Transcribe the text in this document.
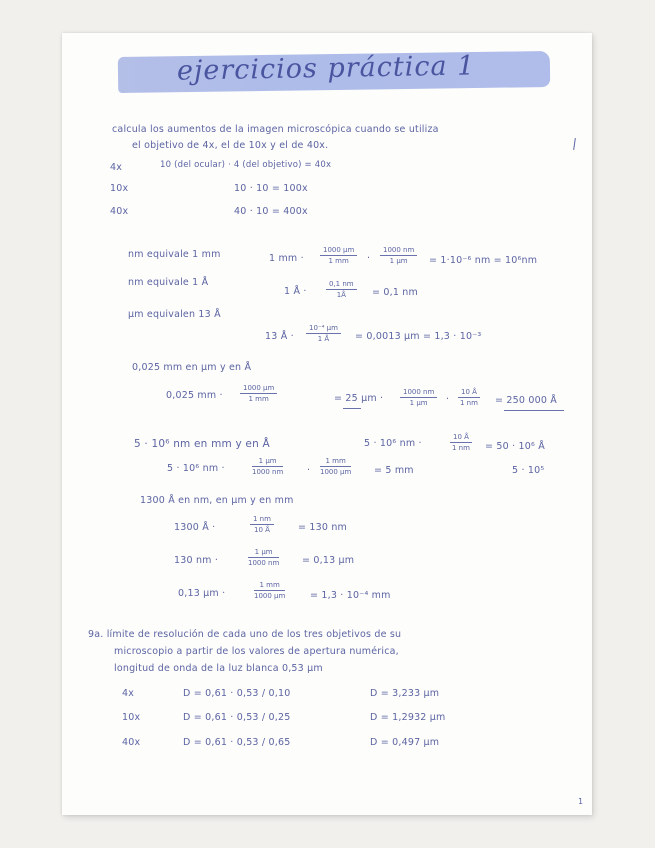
ejercicios práctica 1
calcula los aumentos de la imagen microscópica cuando se utiliza
el objetivo de 4x, el de 10x y el de 40x.
4x	10 (del ocular) · 4 (del objetivo) = 40x
10x	10 · 10 = 100x
40x	40 · 10 = 400x
nm equivale 1 mm	1 mm ·
1000 µm
1 mm	·
1000 nm
1 µm	= 1·10⁻⁶ nm = 10⁶nm
nm equivale 1 Å
1 Å ·	$\frac{0,1 nm}{1Å} = 0,1$ nm
µm equivalen 13 Å
13 Å ·
10⁻⁴ µm
1 Å	= 0,0013 µm = 1,3 · 10⁻³
0,025 mm en µm y en Å
0,025 mm ·
1000 µm
1 mm	= 25 µm ·
1000 nm
1 µm	· $\frac{10 Å}{1 nm} = 250$ 000 Å
5 · 10⁶ nm en mm y en Å	5 · 10⁶ nm ·	$\frac{10 Å}{1 nm} = 50 \cdot 10^6$ Å
5 · 10⁵
5 · 10⁶ nm ·
1 µm
1000 nm ·
1 mm
1000 µm = 5 mm
1300 Å en nm, en µm y en mm
1300 Å ·	$\frac{1 nm}{10 Å}$	= 130 nm
130 nm ·
1 µm
1000 nm = 0,13 µm
0,13 µm ·
1 mm
1000 µm	= 1,3 · 10⁻⁴ mm
9a. límite de resolución de cada uno de los tres objetivos de su
microscopio a partir de los valores de apertura numérica,
longitud de onda de la luz blanca 0,53 µm
4x	D = 0,61 · 0,53 / 0,10	D = 3,233 µm
10x	D = 0,61 · 0,53 / 0,25	D = 1,2932 µm
40x	D = 0,61 · 0,53 / 0,65	D = 0,497 µm
1
